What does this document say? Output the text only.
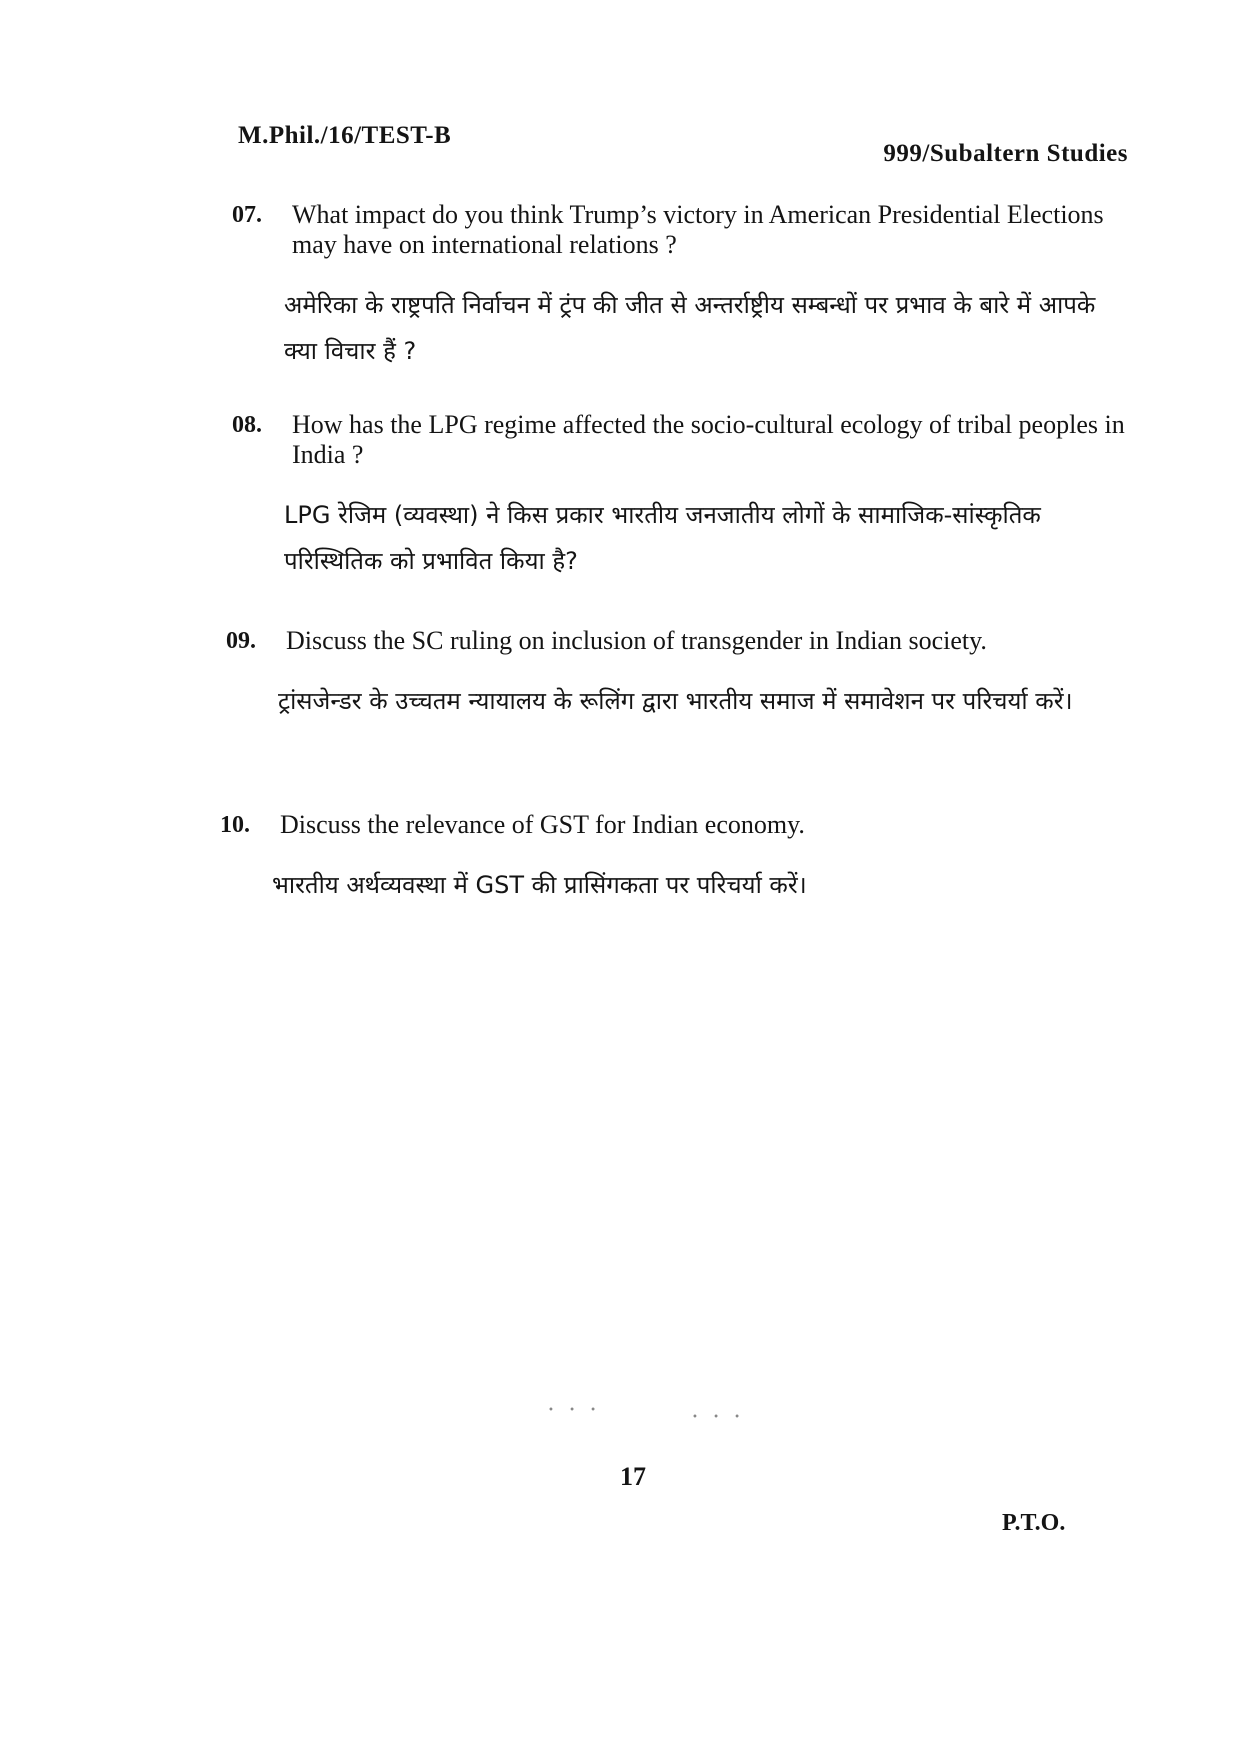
M.Phil./16/TEST-B
999/Subaltern Studies
07. What impact do you think Trump’s victory in American Presidential Elections may have on international relations ?
अमेरिका के राष्ट्रपति निर्वाचन में ट्रंप की जीत से अन्तर्राष्ट्रीय सम्बन्धों पर प्रभाव के बारे में आपके क्या विचार हैं ?
08. How has the LPG regime affected the socio-cultural ecology of tribal peoples in India ?
LPG रेजिम (व्यवस्था) ने किस प्रकार भारतीय जनजातीय लोगों के सामाजिक-सांस्कृतिक परिस्थितिक को प्रभावित किया है?
09. Discuss the SC ruling on inclusion of transgender in Indian society.
ट्रांसजेन्डर के उच्चतम न्यायालय के रूलिंग द्वारा भारतीय समाज में समावेशन पर परिचर्या करें।
10. Discuss the relevance of GST for Indian economy.
भारतीय अर्थव्यवस्था में GST की प्रासिंगकता पर परिचर्या करें।
• • •
• • •
17
P.T.O.
